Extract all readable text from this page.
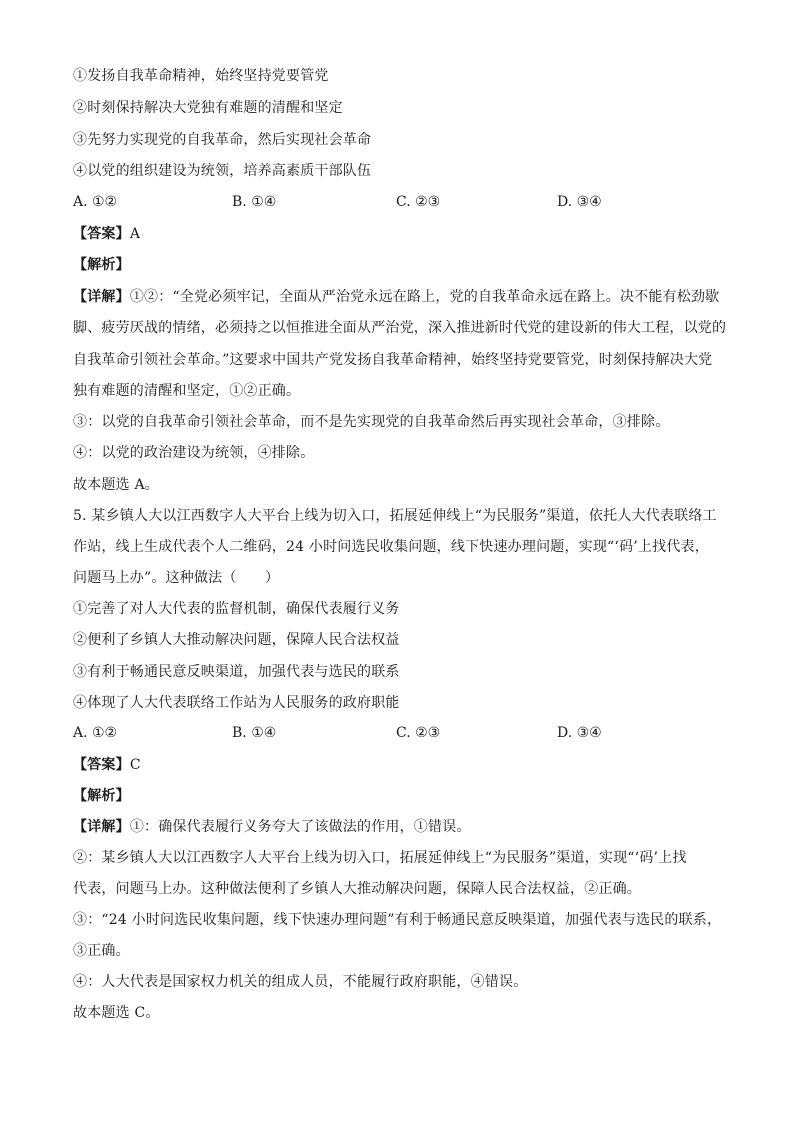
①发扬自我革命精神，始终坚持党要管党
②时刻保持解决大党独有难题的清醒和坚定
③先努力实现党的自我革命，然后实现社会革命
④以党的组织建设为统领，培养高素质干部队伍
A. ①②	B. ①④	C. ②③	D. ③④
【答案】A
【解析】
【详解】①②：“全党必须牢记，全面从严治党永远在路上，党的自我革命永远在路上。决不能有松劲歇
脚、疲劳厌战的情绪，必须持之以恒推进全面从严治党，深入推进新时代党的建设新的伟大工程，以党的
自我革命引领社会革命。”这要求中国共产党发扬自我革命精神，始终坚持党要管党，时刻保持解决大党
独有难题的清醒和坚定，①②正确。
③：以党的自我革命引领社会革命，而不是先实现党的自我革命然后再实现社会革命，③排除。
④：以党的政治建设为统领，④排除。
故本题选 A。
5. 某乡镇人大以江西数字人大平台上线为切入口，拓展延伸线上“为民服务”渠道，依托人大代表联络工
作站，线上生成代表个人二维码，24 小时问选民收集问题，线下快速办理问题，实现“‘码’上找代表，
问题马上办”。这种做法（　　）
①完善了对人大代表的监督机制，确保代表履行义务
②便利了乡镇人大推动解决问题，保障人民合法权益
③有利于畅通民意反映渠道，加强代表与选民的联系
④体现了人大代表联络工作站为人民服务的政府职能
A. ①②	B. ①④	C. ②③	D. ③④
【答案】C
【解析】
【详解】①：确保代表履行义务夸大了该做法的作用，①错误。
②：某乡镇人大以江西数字人大平台上线为切入口，拓展延伸线上“为民服务”渠道，实现“‘码’上找
代表，问题马上办。这种做法便利了乡镇人大推动解决问题，保障人民合法权益，②正确。
③：“24 小时问选民收集问题，线下快速办理问题”有利于畅通民意反映渠道，加强代表与选民的联系，
③正确。
④：人大代表是国家权力机关的组成人员，不能履行政府职能，④错误。
故本题选 C。
